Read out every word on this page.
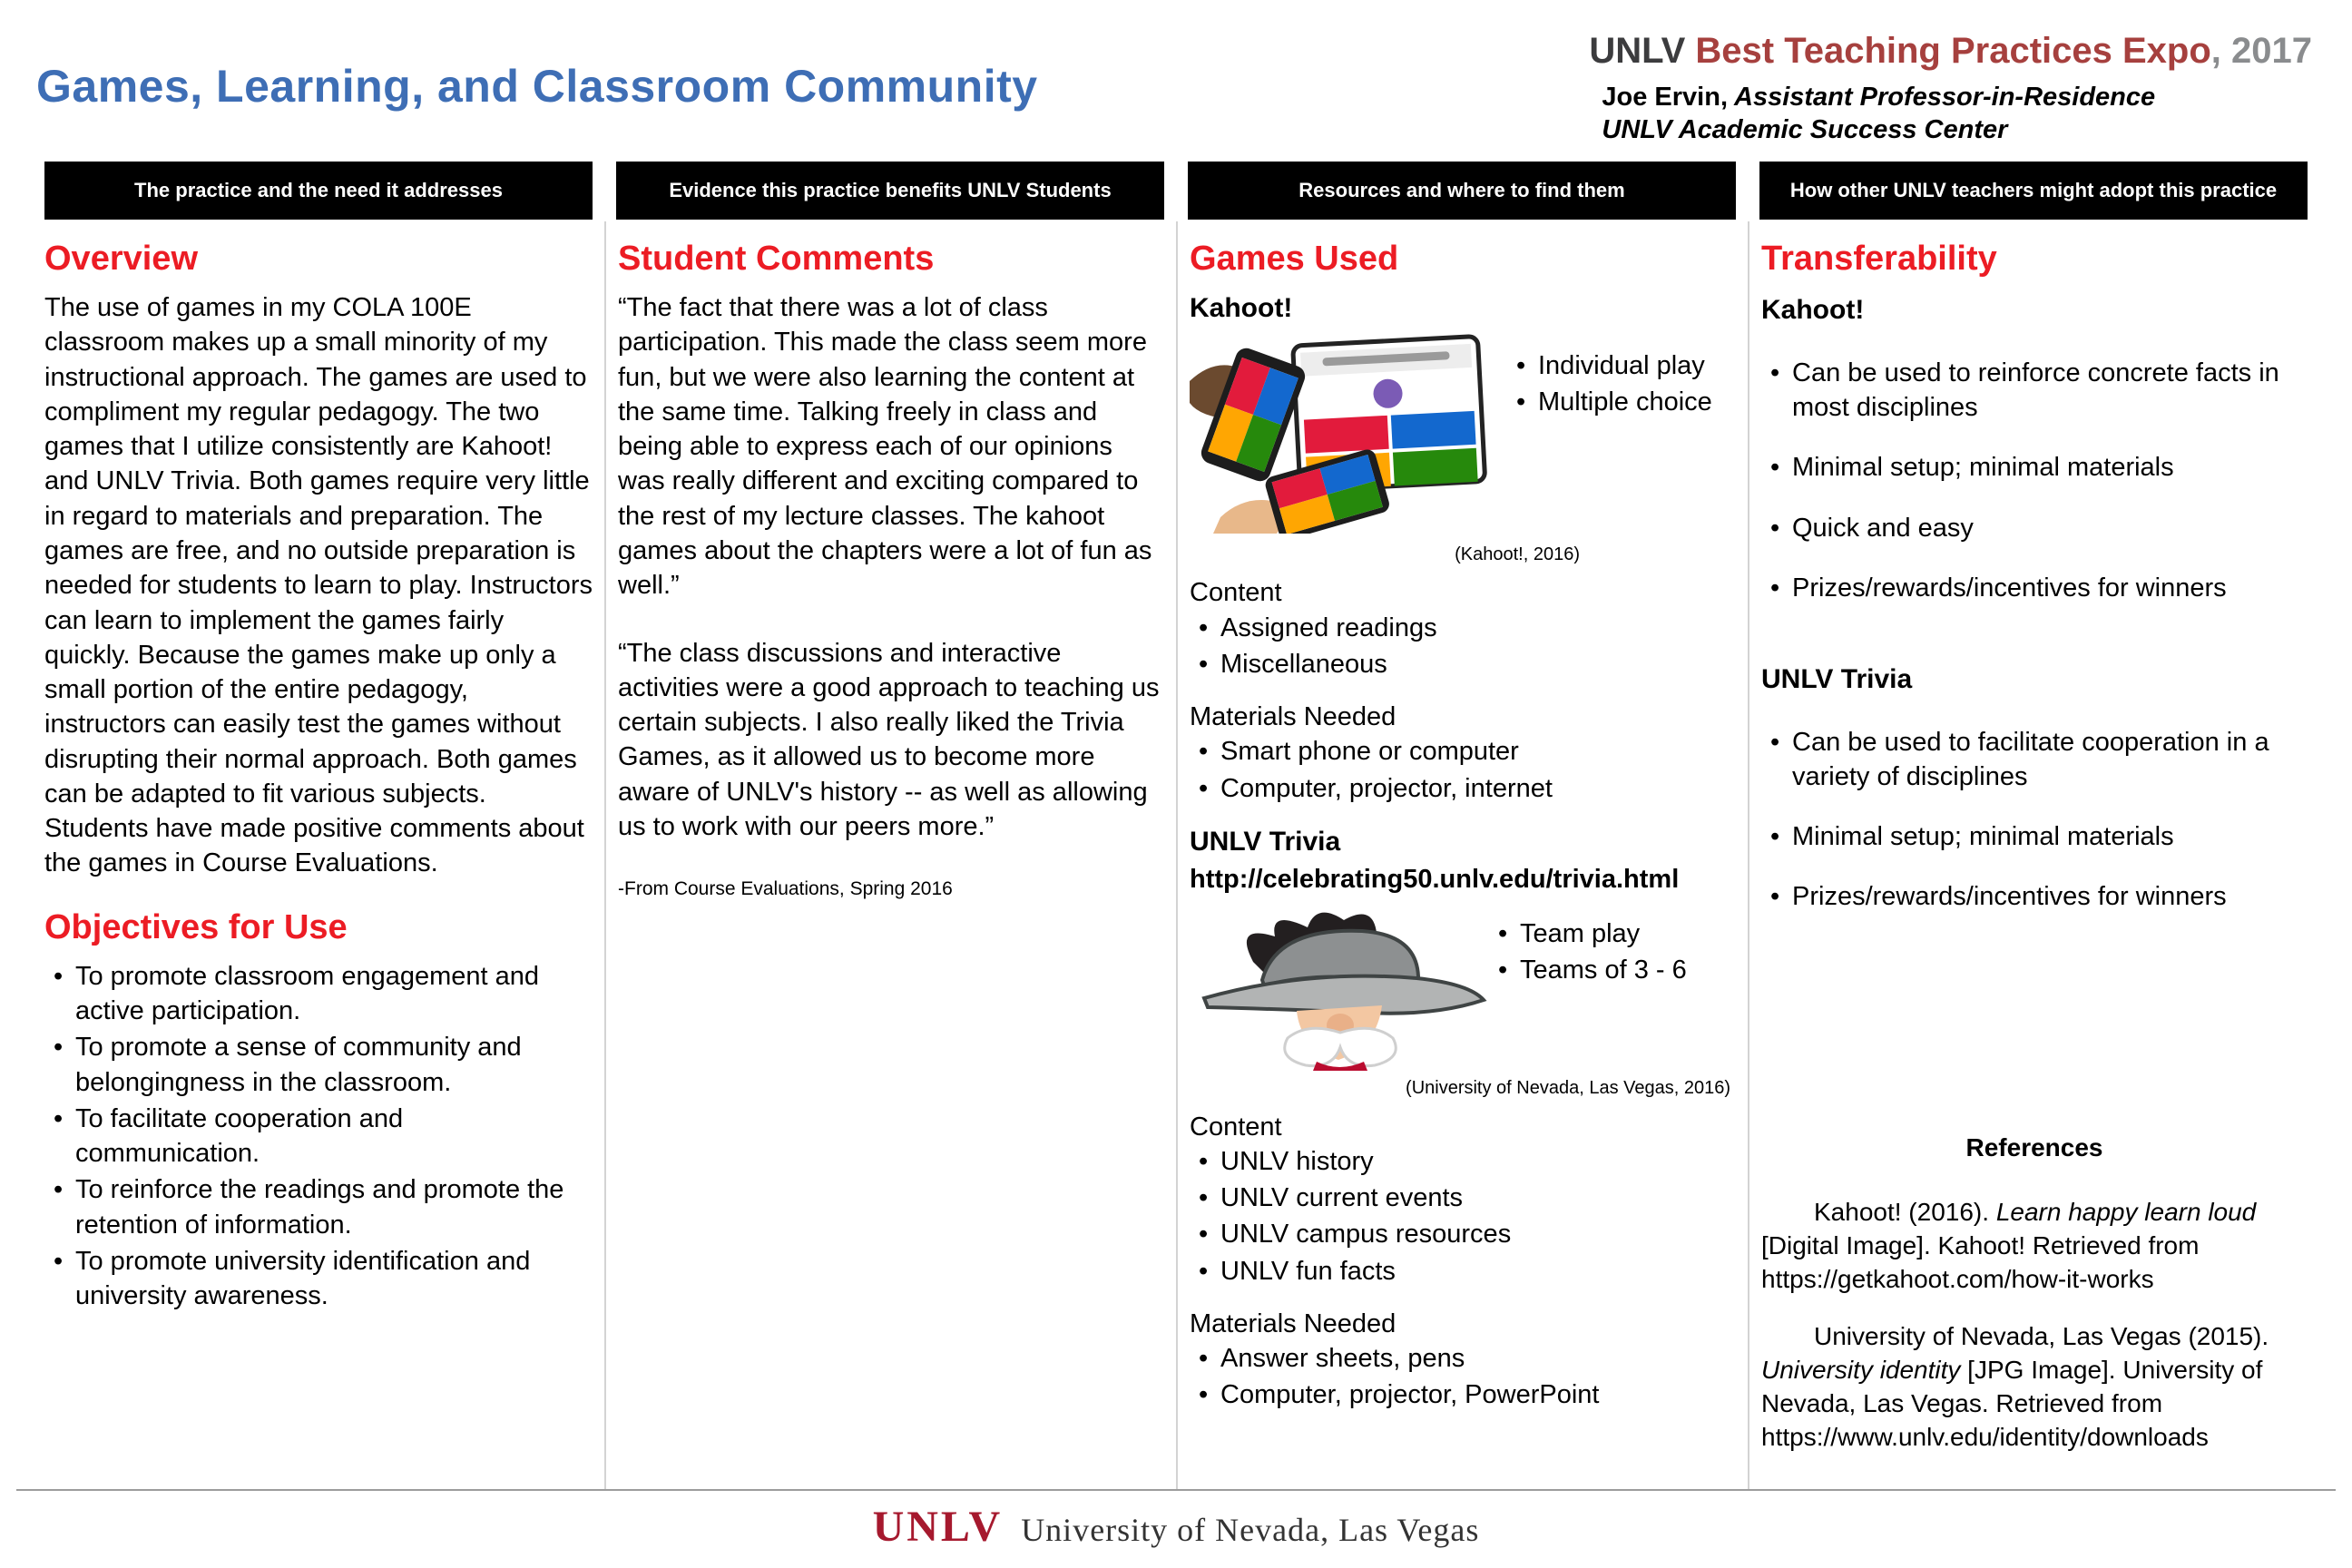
Games, Learning, and Classroom Community
UNLV Best Teaching Practices Expo, 2017
Joe Ervin, Assistant Professor-in-Residence
UNLV Academic Success Center
The practice and the need it addresses	Evidence this practice benefits UNLV Students	Resources and where to find them	How other UNLV teachers might adopt this practice
Overview

The use of games in my COLA 100E classroom makes up a small minority of my instructional approach. The games are used to compliment my regular pedagogy. The two games that I utilize consistently are Kahoot! and UNLV Trivia. Both games require very little in regard to materials and preparation. The games are free, and no outside preparation is needed for students to learn to play. Instructors can learn to implement the games fairly quickly. Because the games make up only a small portion of the entire pedagogy, instructors can easily test the games without disrupting their normal approach. Both games can be adapted to fit various subjects. Students have made positive comments about the games in Course Evaluations.

Objectives for Use
• To promote classroom engagement and active participation.
• To promote a sense of community and belongingness in the classroom.
• To facilitate cooperation and communication.
• To reinforce the readings and promote the retention of information.
• To promote university identification and university awareness.
Student Comments

“The fact that there was a lot of class participation. This made the class seem more fun, but we were also learning the content at the same time. Talking freely in class and being able to express each of our opinions was really different and exciting compared to the rest of my lecture classes. The kahoot games about the chapters were a lot of fun as well.”

“The class discussions and interactive activities were a good approach to teaching us certain subjects. I also really liked the Trivia Games, as it allowed us to become more aware of UNLV's history -- as well as allowing us to work with our peers more.”

-From Course Evaluations, Spring 2016
Games Used
Kahoot!
• Individual play
• Multiple choice
(Kahoot!, 2016)
Content
• Assigned readings
• Miscellaneous
Materials Needed
• Smart phone or computer
• Computer, projector, internet
UNLV Trivia
http://celebrating50.unlv.edu/trivia.html
• Team play
• Teams of 3 - 6
(University of Nevada, Las Vegas, 2016)
Content
• UNLV history
• UNLV current events
• UNLV campus resources
• UNLV fun facts
Materials Needed
• Answer sheets, pens
• Computer, projector, PowerPoint
Transferability
Kahoot!
• Can be used to reinforce concrete facts in most disciplines
• Minimal setup; minimal materials
• Quick and easy
• Prizes/rewards/incentives for winners
UNLV Trivia
• Can be used to facilitate cooperation in a variety of disciplines
• Minimal setup; minimal materials
• Prizes/rewards/incentives for winners
References

Kahoot! (2016). Learn happy learn loud [Digital Image]. Kahoot! Retrieved from https://getkahoot.com/how-it-works

University of Nevada, Las Vegas (2015). University identity [JPG Image]. University of Nevada, Las Vegas. Retrieved from https://www.unlv.edu/identity/downloads

UNLV University of Nevada, Las Vegas
